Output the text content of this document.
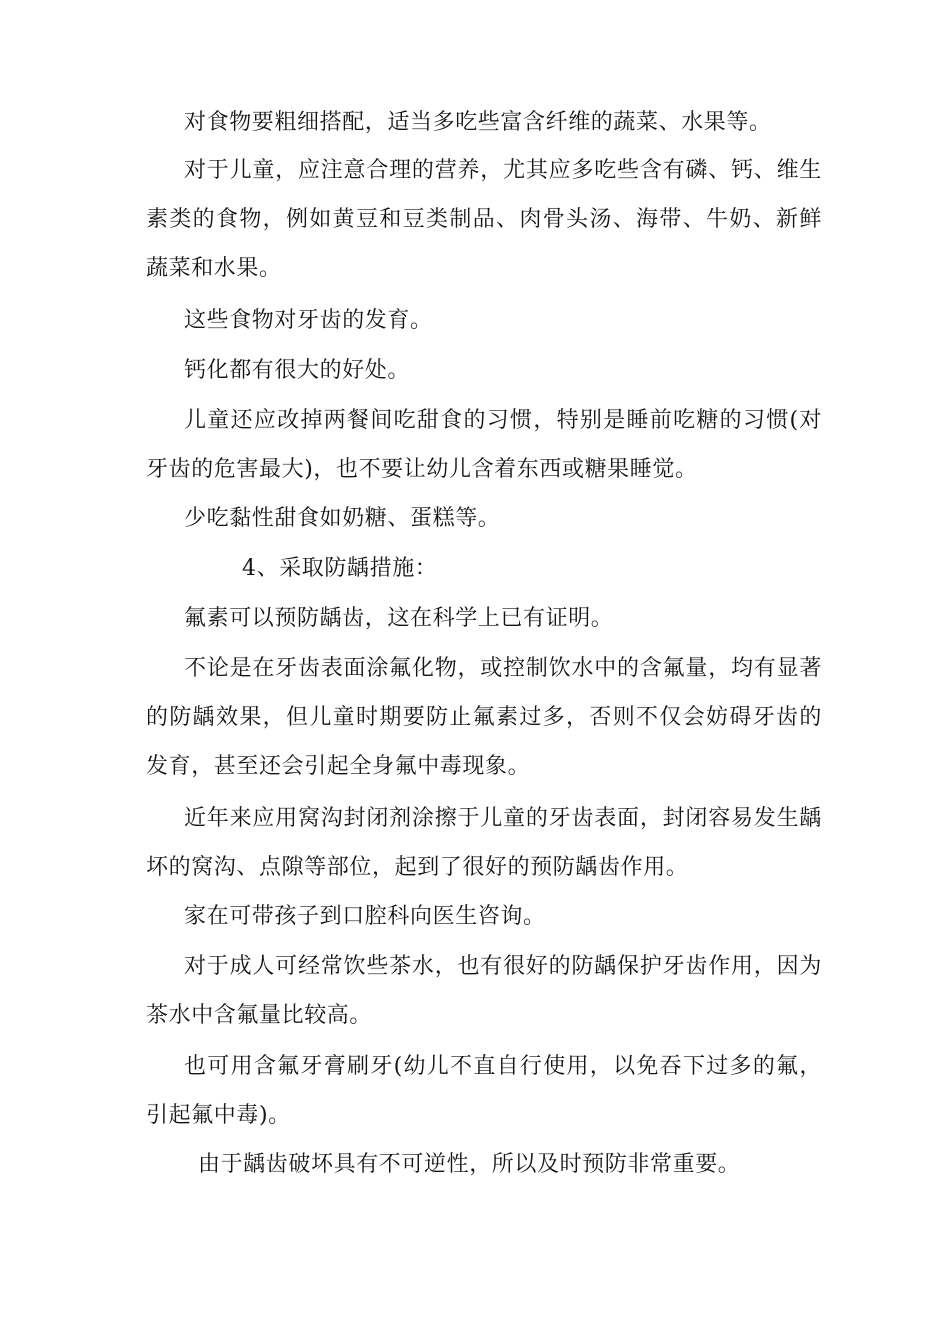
对食物要粗细搭配，适当多吃些富含纤维的蔬菜、水果等。

对于儿童，应注意合理的营养，尤其应多吃些含有磷、钙、维生素类的食物，例如黄豆和豆类制品、肉骨头汤、海带、牛奶、新鲜蔬菜和水果。

这些食物对牙齿的发育。

钙化都有很大的好处。

儿童还应改掉两餐间吃甜食的习惯，特别是睡前吃糖的习惯(对牙齿的危害最大)，也不要让幼儿含着东西或糖果睡觉。

少吃黏性甜食如奶糖、蛋糕等。

4、采取防龋措施：

氟素可以预防龋齿，这在科学上已有证明。

不论是在牙齿表面涂氟化物，或控制饮水中的含氟量，均有显著的防龋效果，但儿童时期要防止氟素过多，否则不仅会妨碍牙齿的发育，甚至还会引起全身氟中毒现象。

近年来应用窝沟封闭剂涂擦于儿童的牙齿表面，封闭容易发生龋坏的窝沟、点隙等部位，起到了很好的预防龋齿作用。

家在可带孩子到口腔科向医生咨询。

对于成人可经常饮些茶水，也有很好的防龋保护牙齿作用，因为茶水中含氟量比较高。

也可用含氟牙膏刷牙(幼儿不直自行使用，以免吞下过多的氟，引起氟中毒)。

由于龋齿破坏具有不可逆性，所以及时预防非常重要。
